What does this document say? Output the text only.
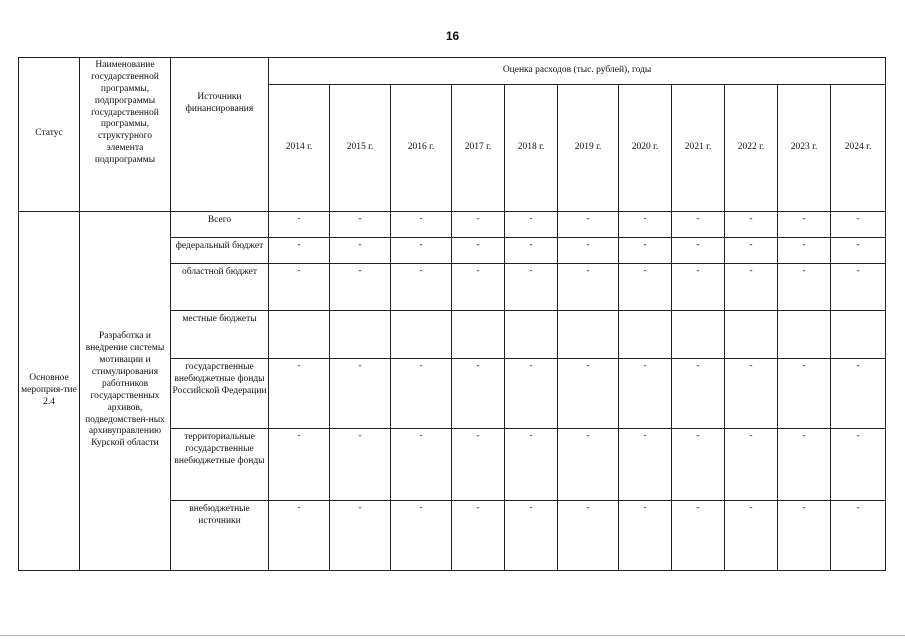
16
Статус	Наименование государственной программы, подпрограммы государственной программы, структурного элемента подпрограммы	Источники финансирования	Оценка расходов (тыс. рублей), годы										
			2014 г.	2015 г.	2016 г.	2017 г.	2018 г.	2019 г.	2020 г.	2021 г.	2022 г.	2023 г.	2024 г.
Основное мероприя-тие 2.4	Разработка и внедрение системы мотивации и стимулирования работников государственных архивов, подведомствен-ных архивуправлению Курской области	Всего	-	-	-	-	-	-	-	-	-	-	-
		федеральный бюджет	-	-	-	-	-	-	-	-	-	-	-
		областной бюджет	-	-	-	-	-	-	-	-	-	-	-
		местные бюджеты											
		государственные внебюджетные фонды Российской Федерации	-	-	-	-	-	-	-	-	-	-	-
		территориальные государственные внебюджетные фонды	-	-	-	-	-	-	-	-	-	-	-
		внебюджетные источники	-	-	-	-	-	-	-	-	-	-	-
